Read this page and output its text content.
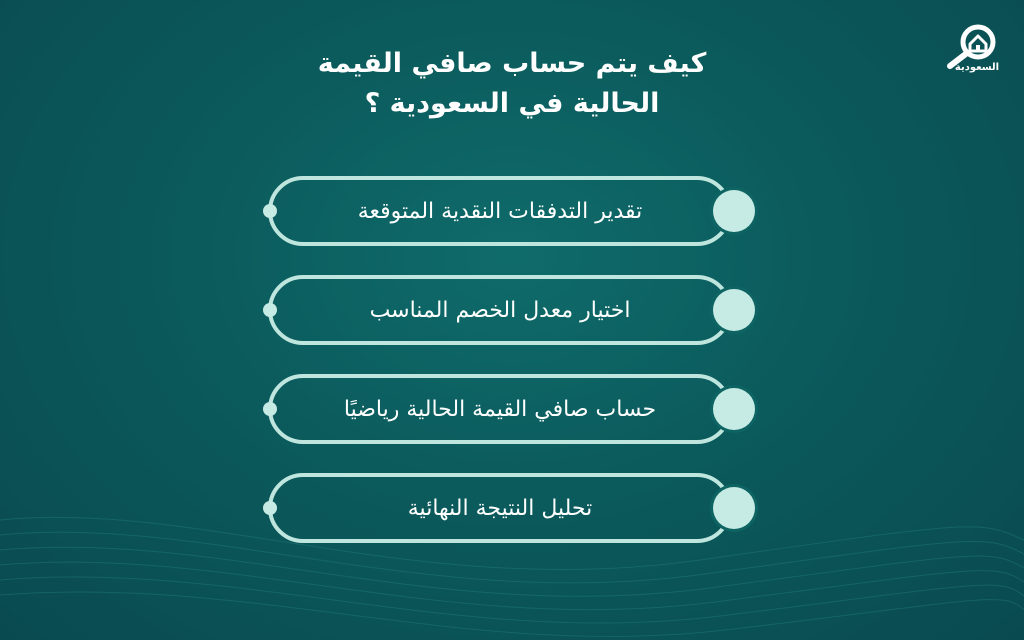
كيف يتم حساب صافي القيمة
الحالية في السعودية ؟
السعودية
تقدير التدفقات النقدية المتوقعة
اختيار معدل الخصم المناسب
حساب صافي القيمة الحالية رياضيًا
تحليل النتيجة النهائية
